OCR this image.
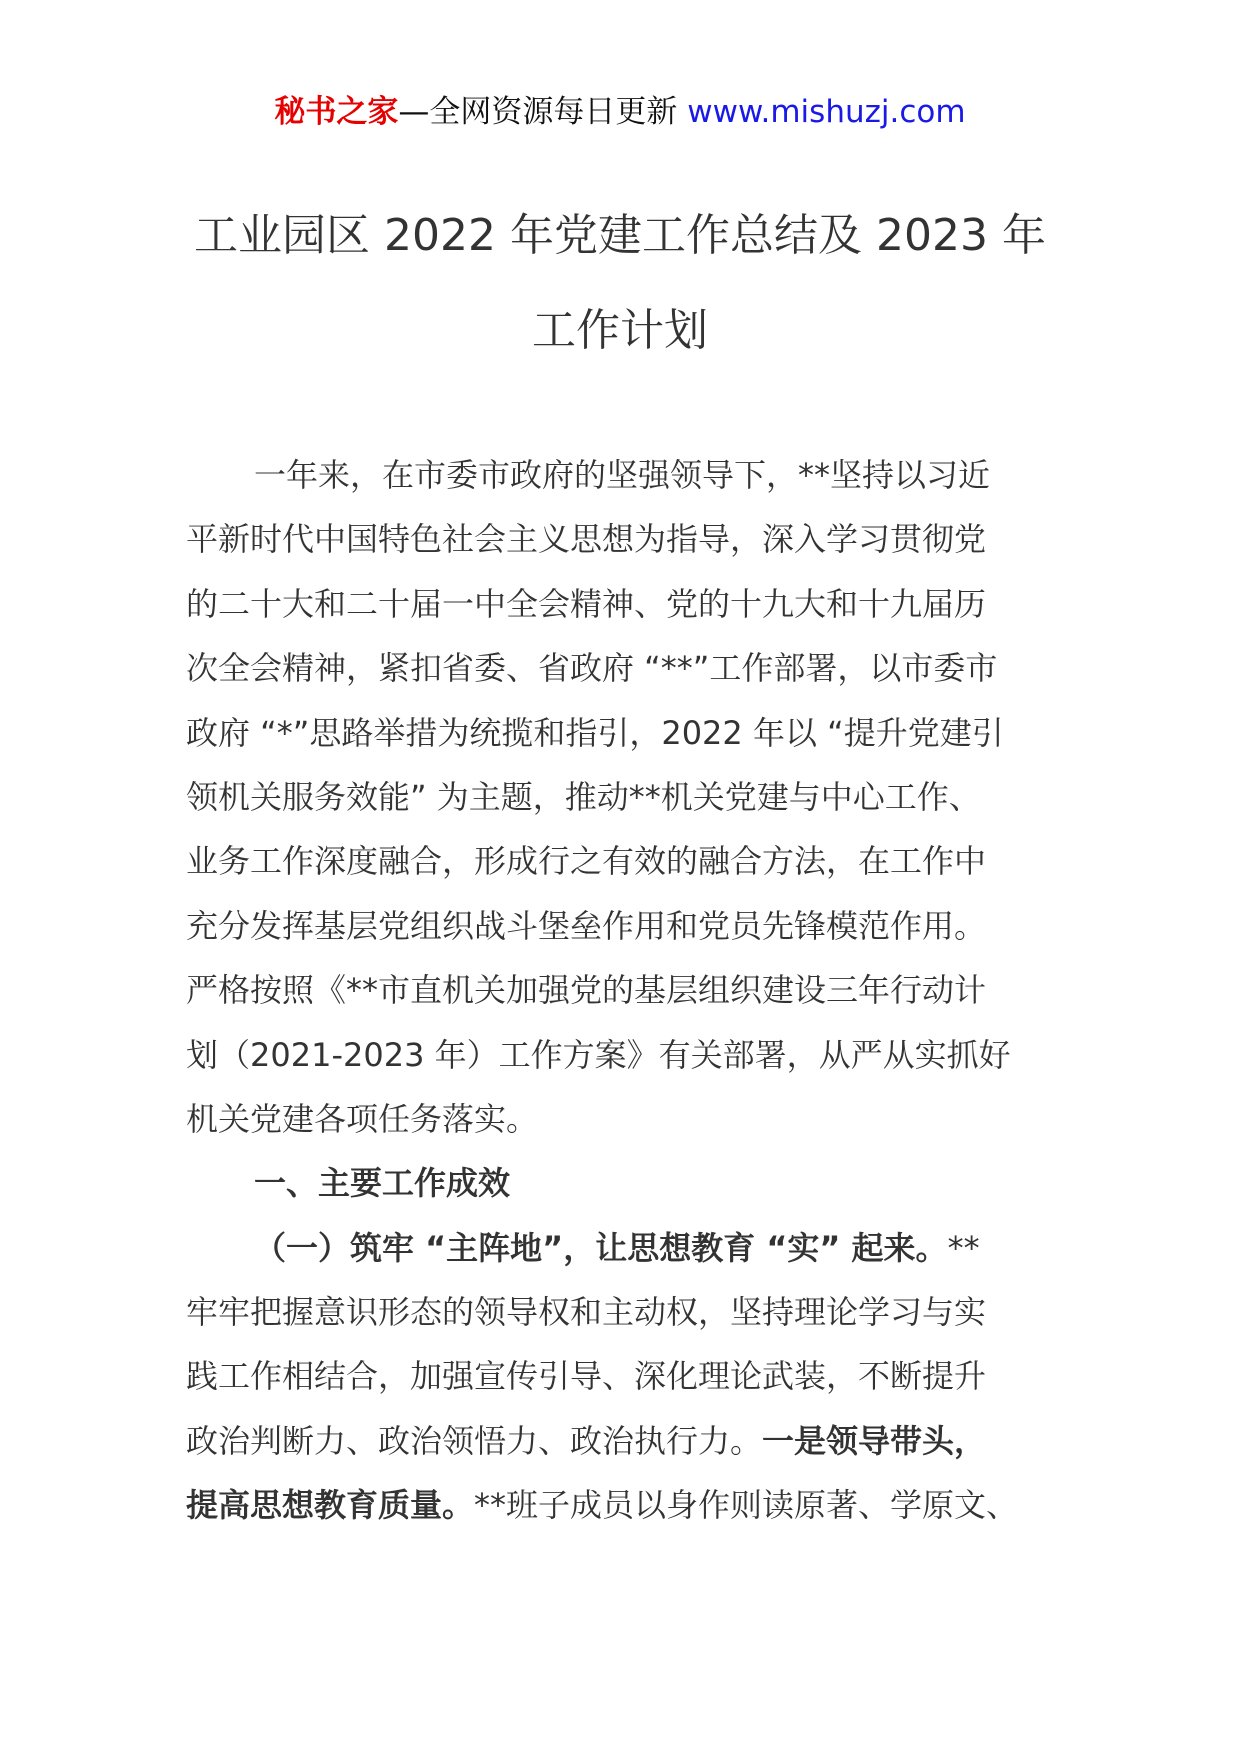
秘书之家—全网资源每日更新 www.mishuzj.com
工业园区 2022 年党建工作总结及 2023 年
工作计划
一年来，在市委市政府的坚强领导下，**坚持以习近
平新时代中国特色社会主义思想为指导，深入学习贯彻党
的二十大和二十届一中全会精神、党的十九大和十九届历
次全会精神，紧扣省委、省政府 “**”工作部署，以市委市
政府 “*”思路举措为统揽和指引，2022 年以 “提升党建引
领机关服务效能” 为主题，推动**机关党建与中心工作、
业务工作深度融合，形成行之有效的融合方法，在工作中
充分发挥基层党组织战斗堡垒作用和党员先锋模范作用。
严格按照《**市直机关加强党的基层组织建设三年行动计
划（2021-2023 年）工作方案》有关部署，从严从实抓好
机关党建各项任务落实。
一、主要工作成效
（一）筑牢 “主阵地”，让思想教育 “实” 起来。**
牢牢把握意识形态的领导权和主动权，坚持理论学习与实
践工作相结合，加强宣传引导、深化理论武装，不断提升
政治判断力、政治领悟力、政治执行力。一是领导带头，
提高思想教育质量。**班子成员以身作则读原著、学原文、
